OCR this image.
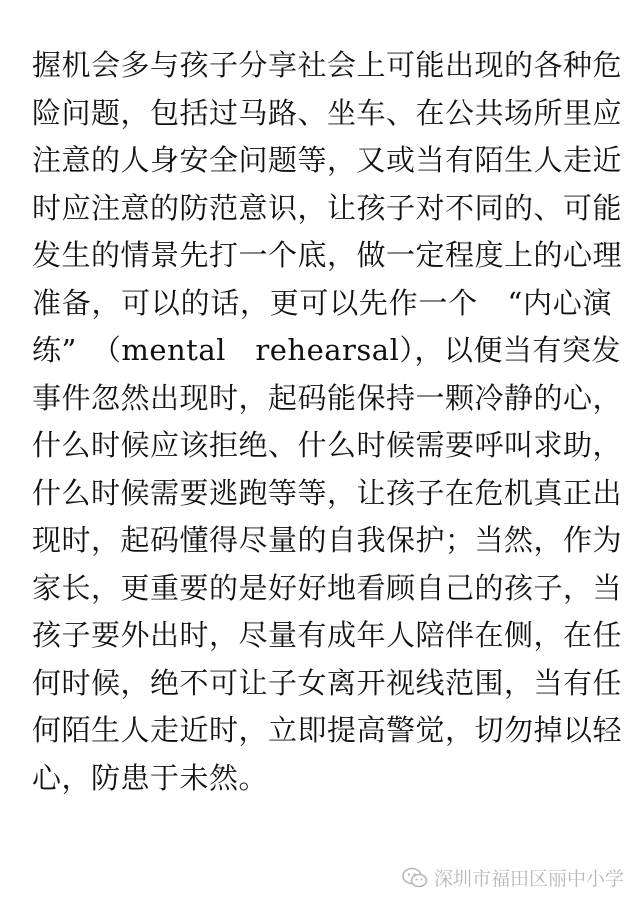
握机会多与孩子分享社会上可能出现的各种危
险问题，包括过马路、坐车、在公共场所里应
注意的人身安全问题等，又或当有陌生人走近
时应注意的防范意识，让孩子对不同的、可能
发生的情景先打一个底，做一定程度上的心理
准备，可以的话，更可以先作一个　“内心演
练”　（mental　rehearsal），以便当有突发
事件忽然出现时，起码能保持一颗冷静的心，
什么时候应该拒绝、什么时候需要呼叫求助，
什么时候需要逃跑等等，让孩子在危机真正出
现时，起码懂得尽量的自我保护；当然，作为
家长，更重要的是好好地看顾自己的孩子，当
孩子要外出时，尽量有成年人陪伴在侧，在任
何时候，绝不可让子女离开视线范围，当有任
何陌生人走近时，立即提高警觉，切勿掉以轻
心，防患于未然。
深圳市福田区丽中小学
